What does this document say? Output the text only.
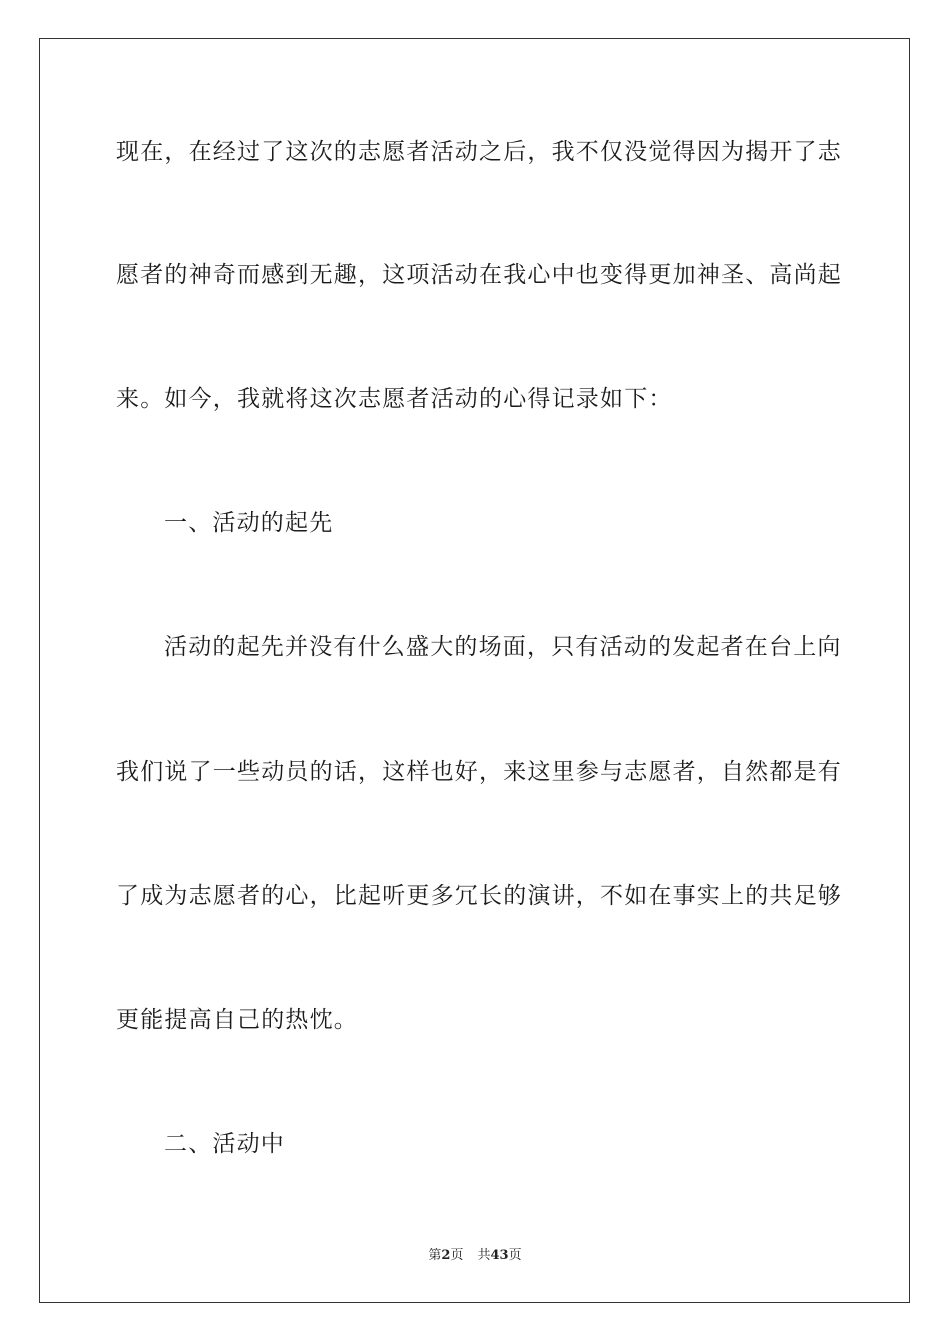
现在，在经过了这次的志愿者活动之后，我不仅没觉得因为揭开了志
愿者的神奇而感到无趣，这项活动在我心中也变得更加神圣、高尚起
来。如今，我就将这次志愿者活动的心得记录如下：
一、活动的起先
活动的起先并没有什么盛大的场面，只有活动的发起者在台上向
我们说了一些动员的话，这样也好，来这里参与志愿者，自然都是有
了成为志愿者的心，比起听更多冗长的演讲，不如在事实上的共足够
更能提高自己的热忱。
二、活动中
第2页 共43页
